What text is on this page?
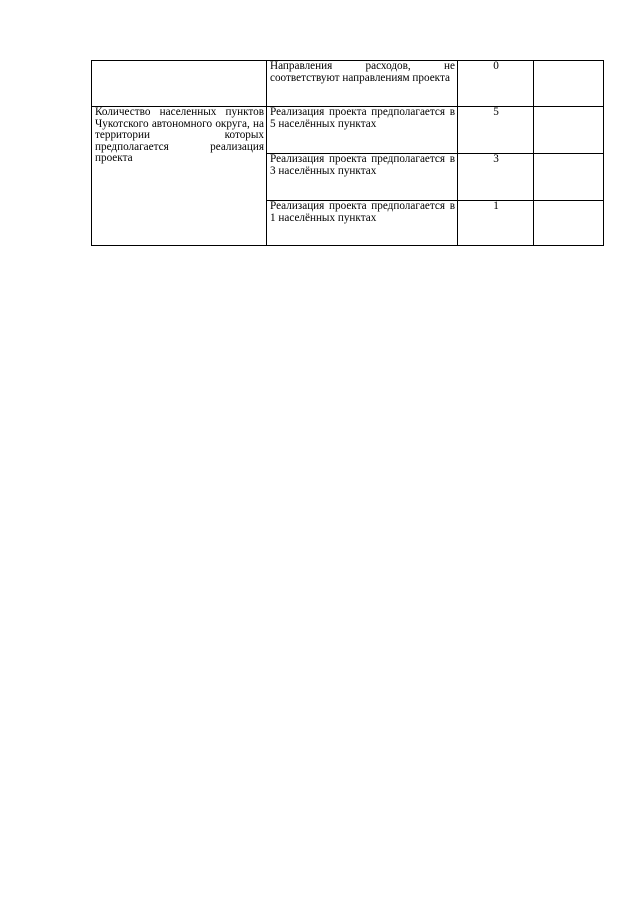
	Направления расходов, не соответствуют направлениям проекта	0	
Количество населенных пунктов Чукотского автономного округа, на территории которых предполагается реализация проекта	Реализация проекта предполагается в 5 населённых пунктах	5	
	Реализация проекта предполагается в 3 населённых пунктах	3	
	Реализация проекта предполагается в 1 населённых пунктах	1	
